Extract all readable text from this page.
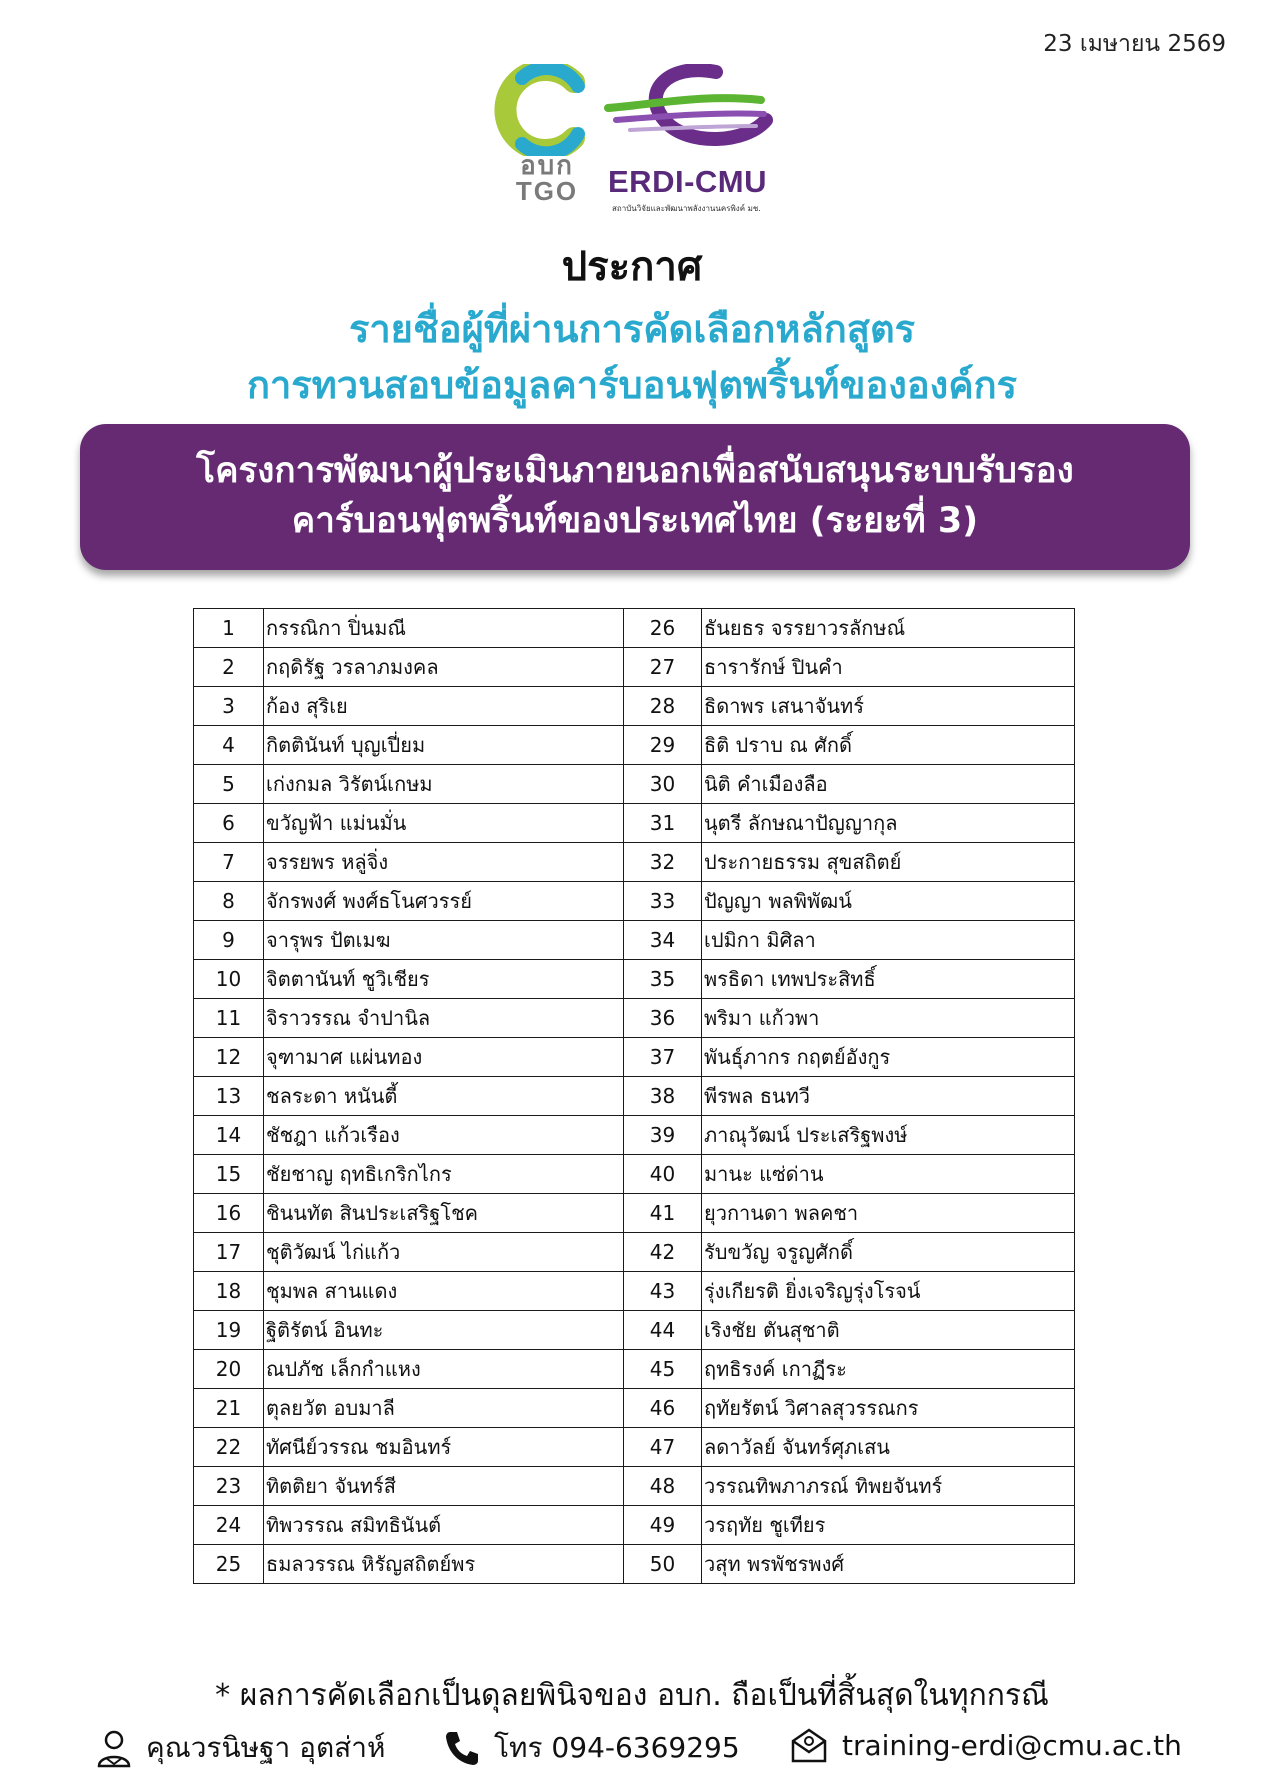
23 เมษายน 2569
อบก
TGO ERDI-CMU
สถาบันวิจัยและพัฒนาพลังงานนครพิงค์ มช.
ประกาศ
รายชื่อผู้ที่ผ่านการคัดเลือกหลักสูตร
การทวนสอบข้อมูลคาร์บอนฟุตพริ้นท์ขององค์กร
โครงการพัฒนาผู้ประเมินภายนอกเพื่อสนับสนุนระบบรับรอง
คาร์บอนฟุตพริ้นท์ของประเทศไทย (ระยะที่ 3)
1	กรรณิกา ปิ่นมณี	26	ธันยธร จรรยาวรลักษณ์
2	กฤดิรัฐ วรลาภมงคล	27	ธารารักษ์ ปินคำ
3	ก้อง สุริเย	28	ธิดาพร เสนาจันทร์
4	กิตตินันท์ บุญเปี่ยม	29	ธิติ ปราบ ณ ศักดิ์
5	เก่งกมล วิรัตน์เกษม	30	นิติ คำเมืองลือ
6	ขวัญฟ้า แม่นมั่น	31	นุตรี ลักษณาปัญญากุล
7	จรรยพร หลู่จิ่ง	32	ประกายธรรม สุขสถิตย์
8	จักรพงศ์ พงศ์ธโนศวรรย์	33	ปัญญา พลพิพัฒน์
9	จารุพร ปัตเมฆ	34	เปมิกา มิศิลา
10	จิตตานันท์ ชูวิเชียร	35	พรธิดา เทพประสิทธิ์
11	จิราวรรณ จำปานิล	36	พริมา แก้วพา
12	จุฑามาศ แผ่นทอง	37	พันธุ์ภากร กฤตย์อังกูร
13	ชลระดา หนันตี้	38	พีรพล ธนทวี
14	ชัชฎา แก้วเรือง	39	ภาณุวัฒน์ ประเสริฐพงษ์
15	ชัยชาญ ฤทธิเกริกไกร	40	มานะ แซ่ด่าน
16	ชินนทัต สินประเสริฐโชค	41	ยุวกานดา พลคชา
17	ชุติวัฒน์ ไก่แก้ว	42	รับขวัญ จรูญศักดิ์
18	ชุมพล สานแดง	43	รุ่งเกียรติ ยิ่งเจริญรุ่งโรจน์
19	ฐิติรัตน์ อินทะ	44	เริงชัย ตันสุชาติ
20	ณปภัช เล็กกำแหง	45	ฤทธิรงค์ เกาฏีระ
21	ตุลยวัต อบมาลี	46	ฤทัยรัตน์ วิศาลสุวรรณกร
22	ทัศนีย์วรรณ ชมอินทร์	47	ลดาวัลย์ จันทร์ศุภเสน
23	ทิตติยา จันทร์สี	48	วรรณทิพภาภรณ์ ทิพยจันทร์
24	ทิพวรรณ สมิทธินันต์	49	วรฤทัย ชูเทียร
25	ธมลวรรณ หิรัญสถิตย์พร	50	วสุท พรพัชรพงศ์
* ผลการคัดเลือกเป็นดุลยพินิจของ อบก. ถือเป็นที่สิ้นสุดในทุกกรณี
คุณวรนิษฐา อุตส่าห์	โทร 094-6369295	training-erdi@cmu.ac.th
